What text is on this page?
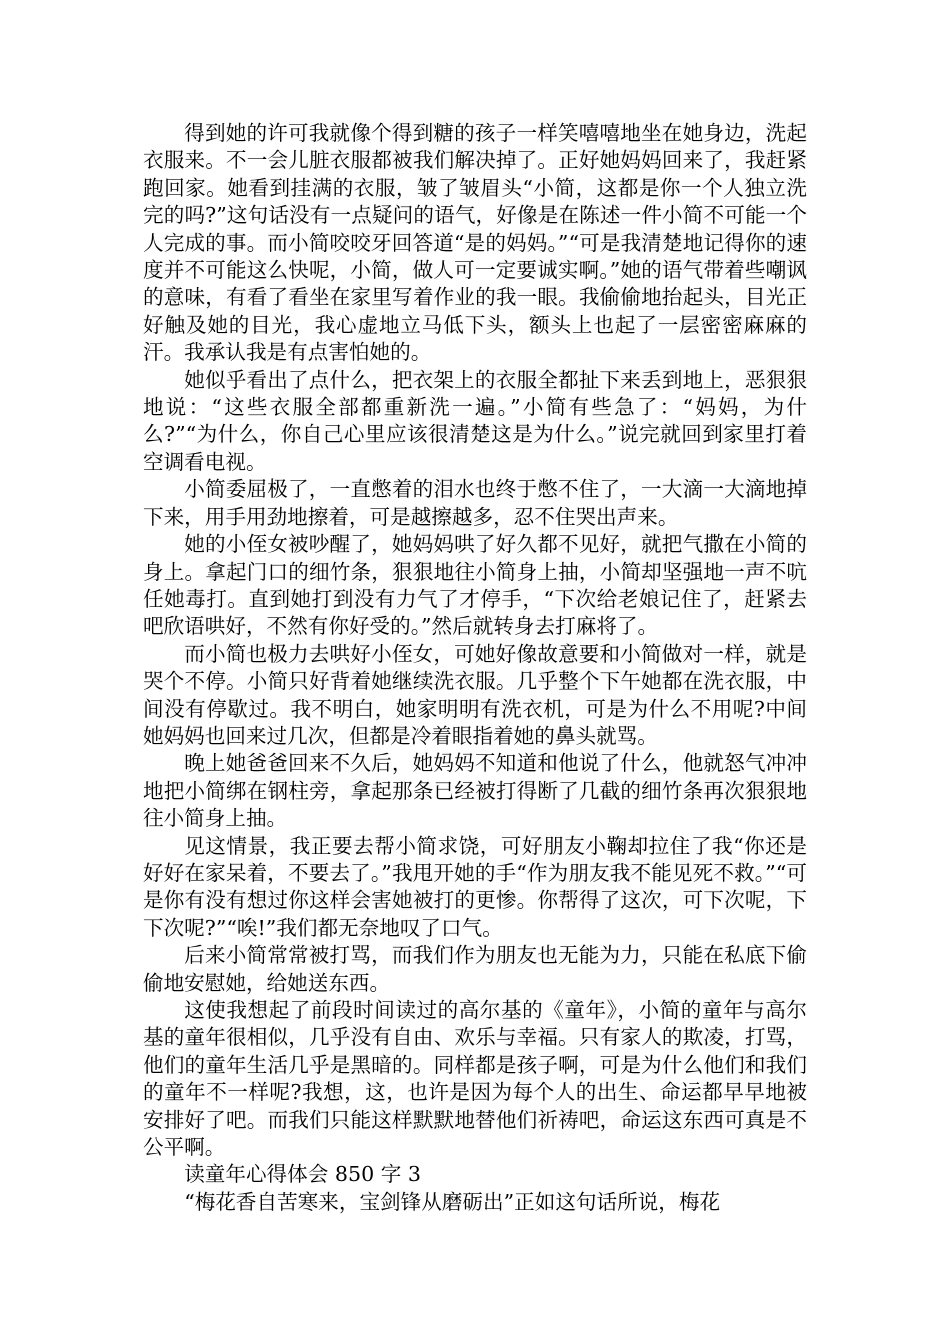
得到她的许可我就像个得到糖的孩子一样笑嘻嘻地坐在她身边，洗起衣服来。不一会儿脏衣服都被我们解决掉了。正好她妈妈回来了，我赶紧跑回家。她看到挂满的衣服，皱了皱眉头“小简，这都是你一个人独立洗完的吗?”这句话没有一点疑问的语气，好像是在陈述一件小简不可能一个人完成的事。而小简咬咬牙回答道“是的妈妈。”“可是我清楚地记得你的速度并不可能这么快呢，小简，做人可一定要诚实啊。”她的语气带着些嘲讽的意味，有看了看坐在家里写着作业的我一眼。我偷偷地抬起头，目光正好触及她的目光，我心虚地立马低下头，额头上也起了一层密密麻麻的汗。我承认我是有点害怕她的。

她似乎看出了点什么，把衣架上的衣服全都扯下来丢到地上，恶狠狠地说：“这些衣服全部都重新洗一遍。”小简有些急了：“妈妈，为什么?”“为什么，你自己心里应该很清楚这是为什么。”说完就回到家里打着空调看电视。

小简委屈极了，一直憋着的泪水也终于憋不住了，一大滴一大滴地掉下来，用手用劲地擦着，可是越擦越多，忍不住哭出声来。

她的小侄女被吵醒了，她妈妈哄了好久都不见好，就把气撒在小简的身上。拿起门口的细竹条，狠狠地往小简身上抽，小简却坚强地一声不吭任她毒打。直到她打到没有力气了才停手，“下次给老娘记住了，赶紧去吧欣语哄好，不然有你好受的。”然后就转身去打麻将了。

而小简也极力去哄好小侄女，可她好像故意要和小简做对一样，就是哭个不停。小简只好背着她继续洗衣服。几乎整个下午她都在洗衣服，中间没有停歇过。我不明白，她家明明有洗衣机，可是为什么不用呢?中间她妈妈也回来过几次，但都是冷着眼指着她的鼻头就骂。

晚上她爸爸回来不久后，她妈妈不知道和他说了什么，他就怒气冲冲地把小简绑在钢柱旁，拿起那条已经被打得断了几截的细竹条再次狠狠地往小简身上抽。

见这情景，我正要去帮小简求饶，可好朋友小鞠却拉住了我“你还是好好在家呆着，不要去了。”我甩开她的手“作为朋友我不能见死不救。”“可是你有没有想过你这样会害她被打的更惨。你帮得了这次，可下次呢，下下次呢?”“唉!”我们都无奈地叹了口气。

后来小简常常被打骂，而我们作为朋友也无能为力，只能在私底下偷偷地安慰她，给她送东西。

这使我想起了前段时间读过的高尔基的《童年》，小简的童年与高尔基的童年很相似，几乎没有自由、欢乐与幸福。只有家人的欺凌，打骂，他们的童年生活几乎是黑暗的。同样都是孩子啊，可是为什么他们和我们的童年不一样呢?我想，这，也许是因为每个人的出生、命运都早早地被安排好了吧。而我们只能这样默默地替他们祈祷吧，命运这东西可真是不公平啊。

读童年心得体会 850 字 3

“梅花香自苦寒来，宝剑锋从磨砺出”正如这句话所说，梅花
